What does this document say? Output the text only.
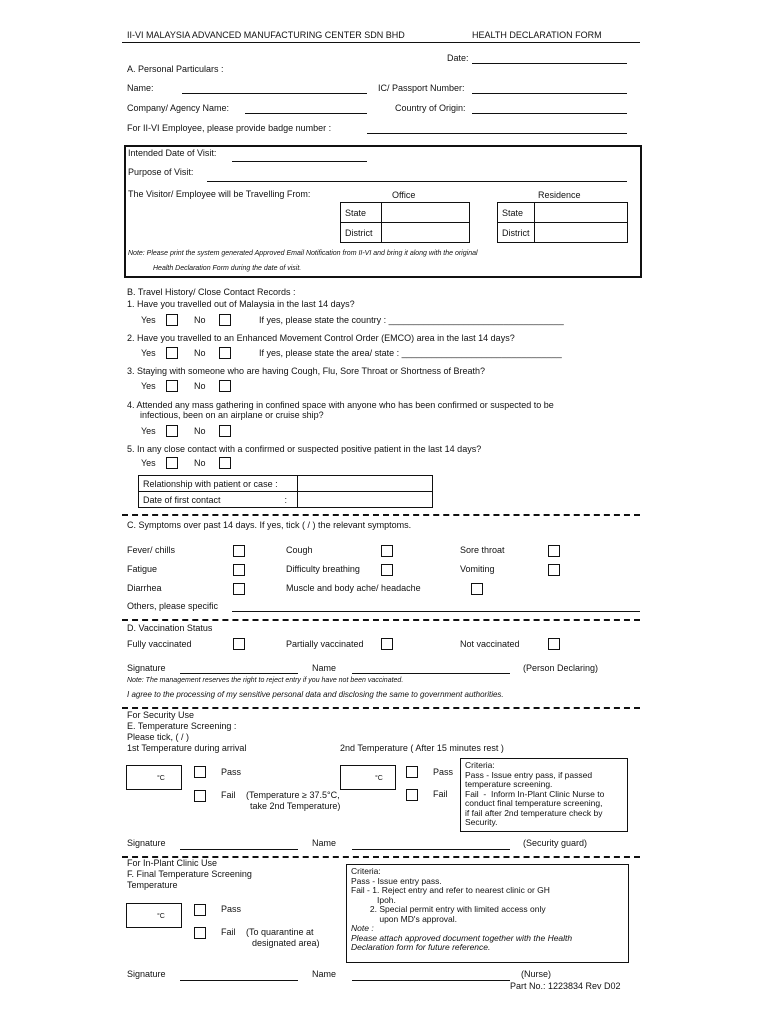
II-VI MALAYSIA ADVANCED MANUFACTURING CENTER SDN BHD	HEALTH DECLARATION FORM
Date:
A. Personal Particulars :
Name:	IC/ Passport Number:
Company/ Agency Name:	Country of Origin:
For II-VI Employee, please provide badge number :
Intended Date of Visit:
Purpose of Visit:
The Visitor/ Employee will be Travelling From:	Office	Residence
State	
District	
State	
District	
Note: Please print the system generated Approved Email Notification from II-VI and bring it along with the original
Health Declaration Form during the date of visit.
B. Travel History/ Close Contact Records :
1. Have you travelled out of Malaysia in the last 14 days?
Yes	No	If yes, please state the country : ___________________________________
2. Have you travelled to an Enhanced Movement Control Order (EMCO) area in the last 14 days?
Yes	No	If yes, please state the area/ state : ________________________________
3. Staying with someone who are having Cough, Flu, Sore Throat or Shortness of Breath?
Yes	No
4. Attended any mass gathering in confined space with anyone who has been confirmed or suspected to be
infectious, been on an airplane or cruise ship?
Yes	No
5. In any close contact with a confirmed or suspected positive patient in the last 14 days?
Yes	No
Relationship with patient or case :	
Date of first contact :	

C. Symptoms over past 14 days. If yes, tick ( / ) the relevant symptoms.
Fever/ chills	Cough	Sore throat
Fatigue	Difficulty breathing	Vomiting
Diarrhea	Muscle and body ache/ headache
Others, please specific
D. Vaccination Status
Fully vaccinated	Partially vaccinated	Not vaccinated
Signature	Name	(Person Declaring)
Note: The management reserves the right to reject entry if you have not been vaccinated.
I agree to the processing of my sensitive personal data and disclosing the same to government authorities.
For Security Use
E. Temperature Screening :
Please tick, ( / )
1st Temperature during arrival	2nd Temperature ( After 15 minutes rest )
°C
Pass
Fail (Temperature ≥ 37.5°C,
take 2nd Temperature)
°C
Pass
Fail
Criteria:
Pass - Issue entry pass, if passed
temperature screening.
Fail  -  Inform In-Plant Clinic Nurse to
conduct final temperature screening,
if fail after 2nd temperature check by
Security.
Signature	Name	(Security guard)
For In-Plant Clinic Use
F. Final Temperature Screening
Temperature
°C
Pass
Fail (To quarantine at
designated area)
Criteria:
Pass - Issue entry pass.
Fail - 1. Reject entry and refer to nearest clinic or GH
Ipoh.
2. Special permit entry with limited access only
upon MD's approval.
Note :
Please attach approved document together with the Health
Declaration form for future reference.
Signature	Name	(Nurse)
Part No.: 1223834 Rev D02
